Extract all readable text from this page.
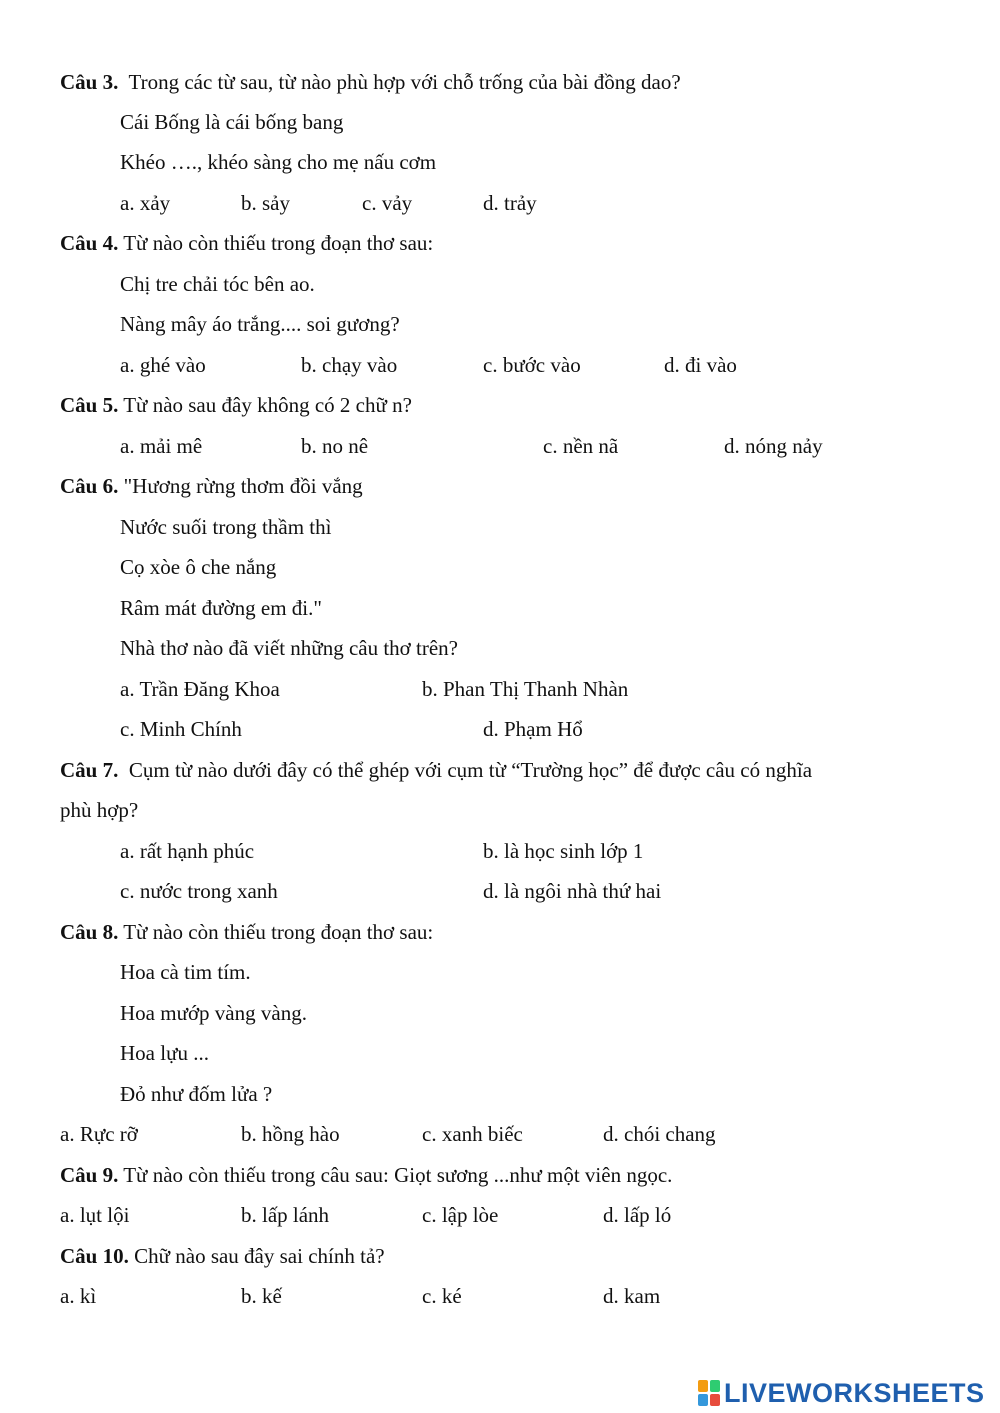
Câu 3. Trong các từ sau, từ nào phù hợp với chỗ trống của bài đồng dao?
Cái Bống là cái bống bang
Khéo …., khéo sàng cho mẹ nấu cơm
a. xảy	b. sảy	c. vảy	d. trảy
Câu 4. Từ nào còn thiếu trong đoạn thơ sau:
Chị tre chải tóc bên ao.
Nàng mây áo trắng.... soi gương?
a. ghé vào	b. chạy vào	c. bước vào	d. đi vào
Câu 5. Từ nào sau đây không có 2 chữ n?
a. mải mê	b. no nê	c. nền nã	d. nóng nảy
Câu 6. "Hương rừng thơm đồi vắng
Nước suối trong thầm thì
Cọ xòe ô che nắng
Râm mát đường em đi."
Nhà thơ nào đã viết những câu thơ trên?
a. Trần Đăng Khoa	b. Phan Thị Thanh Nhàn
c. Minh Chính	d. Phạm Hổ
Câu 7. Cụm từ nào dưới đây có thể ghép với cụm từ “Trường học” để được câu có nghĩa
phù hợp?
a. rất hạnh phúc	b. là học sinh lớp 1
c. nước trong xanh	d. là ngôi nhà thứ hai
Câu 8. Từ nào còn thiếu trong đoạn thơ sau:
Hoa cà tim tím.
Hoa mướp vàng vàng.
Hoa lựu ...
Đỏ như đốm lửa ?
a. Rực rỡ	b. hồng hào	c. xanh biếc	d. chói chang
Câu 9. Từ nào còn thiếu trong câu sau: Giọt sương ...như một viên ngọc.
a. lụt lội	b. lấp lánh	c. lập lòe	d. lấp ló
Câu 10. Chữ nào sau đây sai chính tả?
a. kì	b. kế	c. ké	d. kam
LIVEWORKSHEETS
